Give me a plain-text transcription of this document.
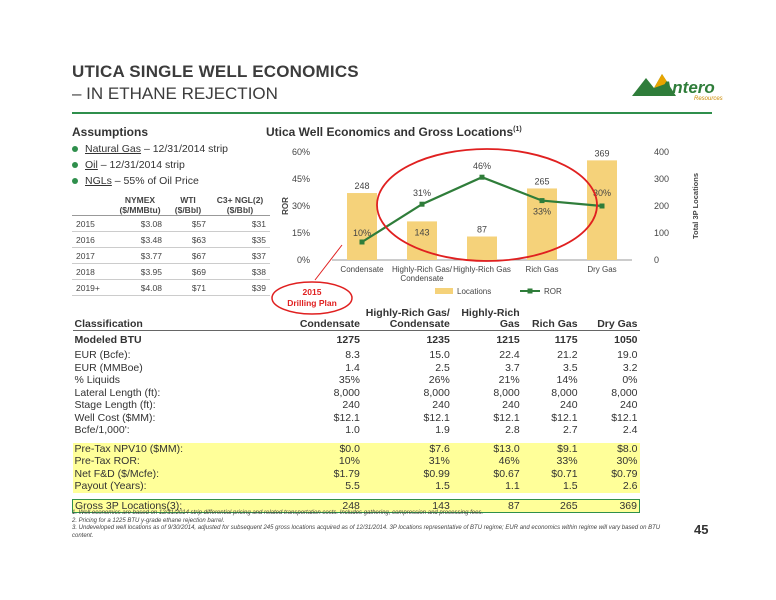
UTICA SINGLE WELL ECONOMICS
– IN ETHANE REJECTION	Antero
Resources
Assumptions
Natural Gas – 12/31/2014 strip
Oil – 12/31/2014 strip
NGLs – 55% of Oil Price
	NYMEX ($/MMBtu)	WTI ($/Bbl)	C3+ NGL(2) ($/Bbl)
2015	$3.08	$57	$31
2016	$3.48	$63	$35
2017	$3.77	$67	$37
2018	$3.95	$69	$38
2019+	$4.08	$71	$39
Utica Well Economics and Gross Locations$^{(1)}$
0%
15%
30%
45%
60%
0
100
200
300
400
ROR	Total 3P Locations
248
143	87
265
369
10%
31%
46%
33%
30%
Condensate Highly-Rich Gas/ Condensate
Highly-Rich Gas Rich Gas	Dry Gas
Locations	ROR
2015
Drilling Plan
Classification	Condensate	Highly-Rich Gas/ Condensate	Highly-Rich Gas	Rich Gas	Dry Gas
Modeled BTU	1275	1235	1215	1175	1050
EUR (Bcfe):	8.3	15.0	22.4	21.2	19.0
EUR (MMBoe)	1.4	2.5	3.7	3.5	3.2
% Liquids	35%	26%	21%	14%	0%
Lateral Length (ft):	8,000	8,000	8,000	8,000	8,000
Stage Length (ft):	240	240	240	240	240
Well Cost ($MM):	$12.1	$12.1	$12.1	$12.1	$12.1
Bcfe/1,000':	1.0	1.9	2.8	2.7	2.4

Pre-Tax NPV10 ($MM):	$0.0	$7.6	$13.0	$9.1	$8.0
Pre-Tax ROR:	10%	31%	46%	33%	30%
Net F&D ($/Mcfe):	$1.79	$0.99	$0.67	$0.71	$0.79
Payout (Years):	5.5	1.5	1.1	1.5	2.6

Gross 3P Locations(3):	248	143	87	265	369
1. Well economics are based on 12/31/2014 strip differential pricing and related transportation costs. Includes gathering, compression and processing fees.
2. Pricing for a 1225 BTU y-grade ethane rejection barrel.
3. Undeveloped well locations as of 9/30/2014, adjusted for subsequent 245 gross locations acquired as of 12/31/2014. 3P locations representative of BTU regime; EUR and economics within regime will vary based on BTU content.	45
